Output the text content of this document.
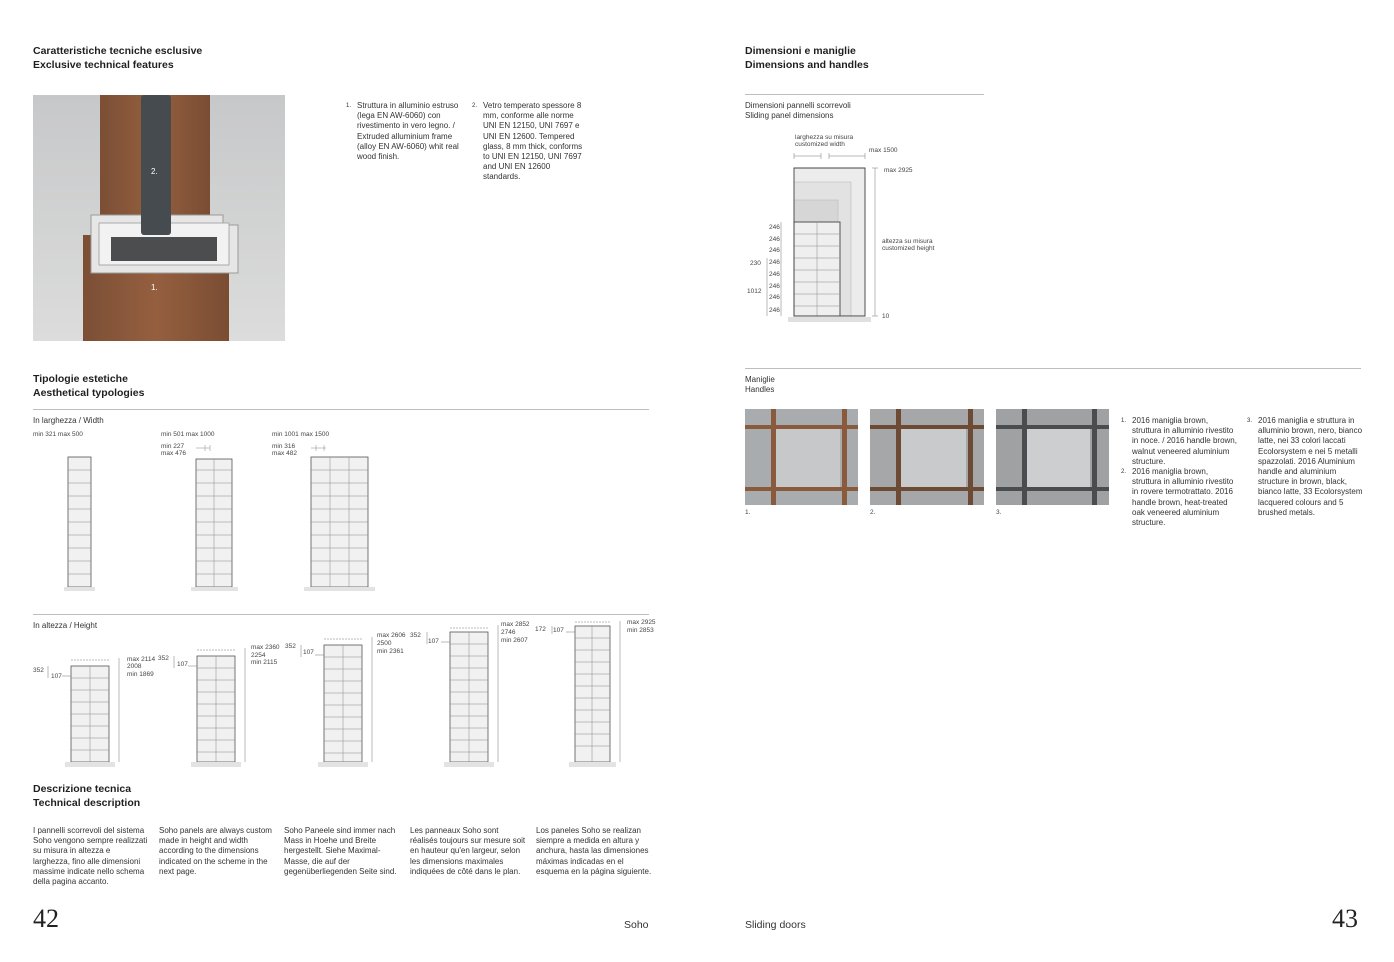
Caratteristiche tecniche esclusive
Exclusive technical features
2.
1.
1. Struttura in alluminio estruso (lega EN AW-6060) con rivestimento in vero legno. / Extruded alluminium frame (alloy EN AW-6060) whit real wood finish.
2. Vetro temperato spessore 8 mm, conforme alle norme UNI EN 12150, UNI 7697 e UNI EN 12600. Tempered glass, 8 mm thick, conforms to UNI EN 12150, UNI 7697 and UNI EN 12600 standards.
Tipologie estetiche
Aesthetical typologies
In larghezza / Width
min 321 max 500	min 501 max 1000
min 227
max 476
min 1001 max 1500
min 316
max 482
In altezza / Height
352
107
max 2114
2008
min 1869
352
107
max 2360
2254
min 2115
352
107
max 2606
2500
min 2361
352
107
max 2852
2746
min 2607
172 107
max 2925
min 2853
Descrizione tecnica
Technical description
I pannelli scorrevoli del sistema Soho vengono sempre realizzati su misura in altezza e larghezza, fino alle dimensioni massime indicate nello schema della pagina accanto.
Soho panels are always custom made in height and width according to the dimensions indicated on the scheme in the next page.
Soho Paneele sind immer nach Mass in Hoehe und Breite hergestellt. Siehe Maximal-Masse, die auf der gegenüberliegenden Seite sind.
Les panneaux Soho sont réalisés toujours sur mesure soit en hauteur qu'en largeur, selon les dimensions maximales indiquées de côté dans le plan.
Los paneles Soho se realizan siempre a medida en altura y anchura, hasta las dimensiones máximas indicadas en el esquema en la página siguiente.
42	Soho
Dimensioni e maniglie
Dimensions and handles
Dimensioni pannelli scorrevoli
Sliding panel dimensions
larghezza su misura
customized width
max 1500
max 2925
altezza su misura
customized height
10
246
246
246
246
246
246
246
246
230
1012
Maniglie
Handles
1.	2.	3.
1. 2016 maniglia brown, struttura in alluminio rivestito in noce. / 2016 handle brown, walnut veneered aluminium structure.
2. 2016 maniglia brown, struttura in alluminio rivestito in rovere termotrattato. 2016 handle brown, heat-treated oak veneered aluminium structure.
3. 2016 maniglia e struttura in alluminio brown, nero, bianco latte, nei 33 colori laccati Ecolorsystem e nei 5 metalli spazzolati. 2016 Aluminium handle and aluminium structure in brown, black, bianco latte, 33 Ecolorsystem lacquered colours and 5 brushed metals.
Sliding doors	43
